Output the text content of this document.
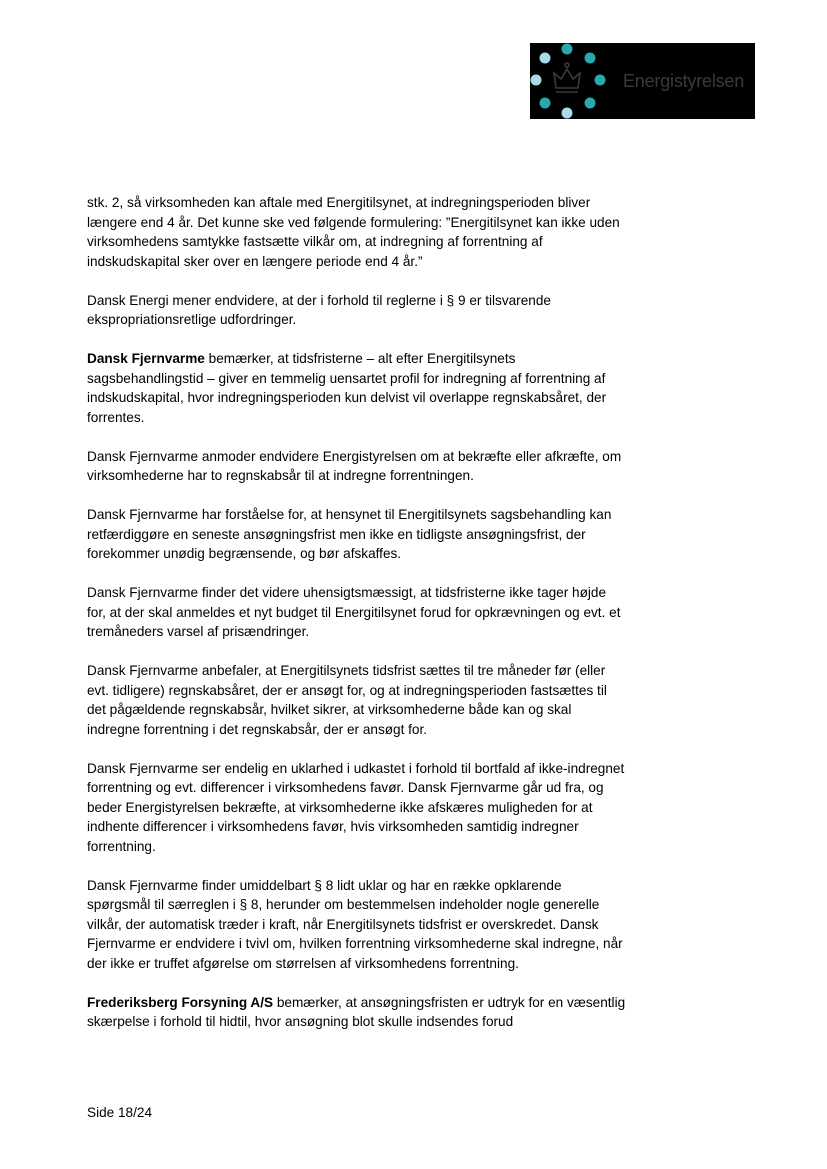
Energistyrelsen

stk. 2, så virksomheden kan aftale med Energitilsynet, at indregningsperioden bliver længere end 4 år. Det kunne ske ved følgende formulering: ”Energitilsynet kan ikke uden virksomhedens samtykke fastsætte vilkår om, at indregning af forrentning af indskudskapital sker over en længere periode end 4 år.”

Dansk Energi mener endvidere, at der i forhold til reglerne i § 9 er tilsvarende ekspropriationsretlige udfordringer.

Dansk Fjernvarme bemærker, at tidsfristerne – alt efter Energitilsynets sagsbehandlingstid – giver en temmelig uensartet profil for indregning af forrentning af indskudskapital, hvor indregningsperioden kun delvist vil overlappe regnskabsåret, der forrentes.

Dansk Fjernvarme anmoder endvidere Energistyrelsen om at bekræfte eller afkræfte, om virksomhederne har to regnskabsår til at indregne forrentningen.

Dansk Fjernvarme har forståelse for, at hensynet til Energitilsynets sagsbehandling kan retfærdiggøre en seneste ansøgningsfrist men ikke en tidligste ansøgningsfrist, der forekommer unødig begrænsende, og bør afskaffes.

Dansk Fjernvarme finder det videre uhensigtsmæssigt, at tidsfristerne ikke tager højde for, at der skal anmeldes et nyt budget til Energitilsynet forud for opkrævningen og evt. et tremåneders varsel af prisændringer.

Dansk Fjernvarme anbefaler, at Energitilsynets tidsfrist sættes til tre måneder før (eller evt. tidligere) regnskabsåret, der er ansøgt for, og at indregningsperioden fastsættes til det pågældende regnskabsår, hvilket sikrer, at virksomhederne både kan og skal indregne forrentning i det regnskabsår, der er ansøgt for.

Dansk Fjernvarme ser endelig en uklarhed i udkastet i forhold til bortfald af ikke-indregnet forrentning og evt. differencer i virksomhedens favør. Dansk Fjernvarme går ud fra, og beder Energistyrelsen bekræfte, at virksomhederne ikke afskæres muligheden for at indhente differencer i virksomhedens favør, hvis virksomheden samtidig indregner forrentning.

Dansk Fjernvarme finder umiddelbart § 8 lidt uklar og har en række opklarende spørgsmål til særreglen i § 8, herunder om bestemmelsen indeholder nogle generelle vilkår, der automatisk træder i kraft, når Energitilsynets tidsfrist er overskredet. Dansk Fjernvarme er endvidere i tvivl om, hvilken forrentning virksomhederne skal indregne, når der ikke er truffet afgørelse om størrelsen af virksomhedens forrentning.

Frederiksberg Forsyning A/S bemærker, at ansøgningsfristen er udtryk for en væsentlig skærpelse i forhold til hidtil, hvor ansøgning blot skulle indsendes forud

Side 18/24
